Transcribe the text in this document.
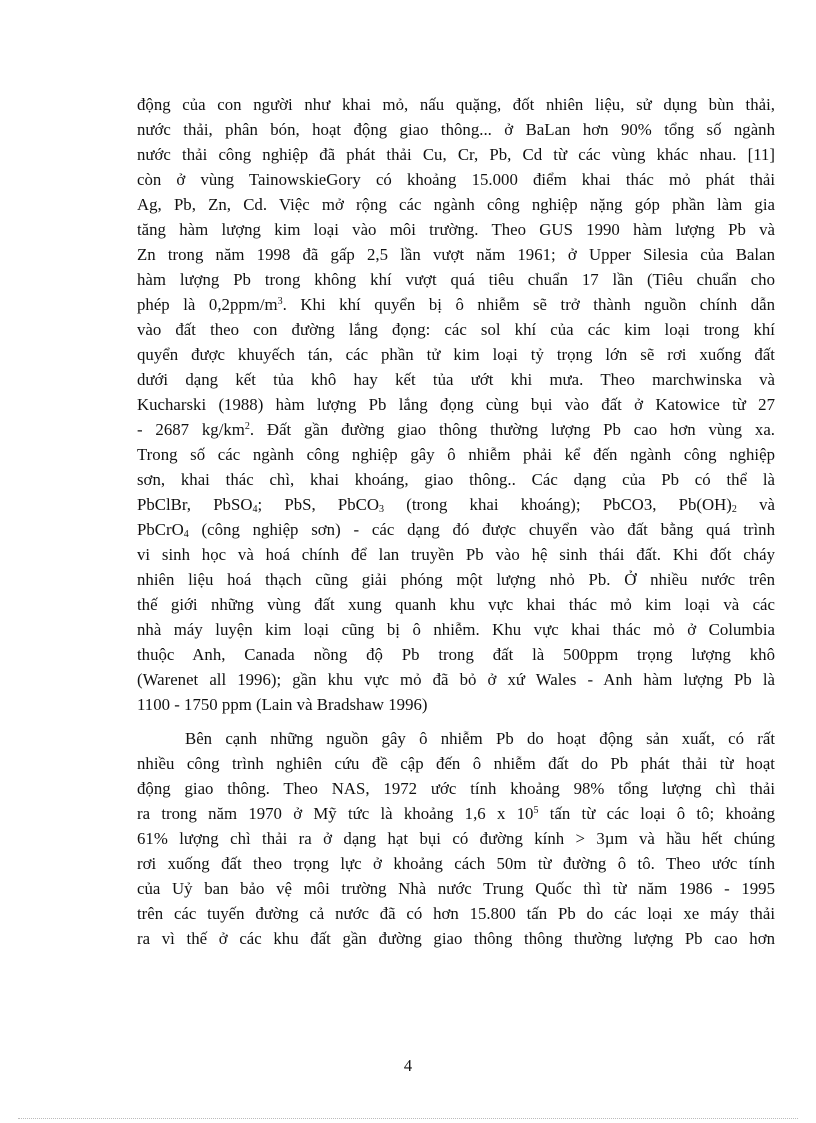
động của con người như khai mỏ, nấu quặng, đốt nhiên liệu, sử dụng bùn thải,
nước thải, phân bón, hoạt động giao thông... ở BaLan hơn 90% tổng số ngành
nước thải công nghiệp đã phát thải Cu, Cr, Pb, Cd từ các vùng khác nhau. [11]
còn ở vùng TainowskieGory có khoảng 15.000 điểm khai thác mỏ phát thải
Ag, Pb, Zn, Cd. Việc mở rộng các ngành công nghiệp nặng góp phần làm gia
tăng hàm lượng kim loại vào môi trường. Theo GUS 1990 hàm lượng Pb và
Zn trong năm 1998 đã gấp 2,5 lần vượt năm 1961; ở Upper Silesia của Balan
hàm lượng Pb trong không khí vượt quá tiêu chuẩn 17 lần (Tiêu chuẩn cho
phép là $0,2ppm/m^3$. Khi khí quyển bị ô nhiễm sẽ trở thành nguồn chính dẫn
vào đất theo con đường lắng đọng: các sol khí của các kim loại trong khí
quyển được khuyếch tán, các phần tử kim loại tỷ trọng lớn sẽ rơi xuống đất
dưới dạng kết tủa khô hay kết tủa ướt khi mưa. Theo marchwinska và
Kucharski (1988) hàm lượng Pb lắng đọng cùng bụi vào đất ở Katowice từ 27
- 2687 $kg/km^2$. Đất gần đường giao thông thường lượng Pb cao hơn vùng xa.
Trong số các ngành công nghiệp gây ô nhiễm phải kể đến ngành công nghiệp
sơn, khai thác chì, khai khoáng, giao thông.. Các dạng của Pb có thể là
PbClBr, PbSO$_4$; PbS, PbCO$_3$ (trong khai khoáng); PbCO3, $Pb(OH)_2$ và
PbCrO$_4$ (công nghiệp sơn) - các dạng đó được chuyển vào đất bằng quá trình
vi sinh học và hoá chính để lan truyền Pb vào hệ sinh thái đất. Khi đốt cháy
nhiên liệu hoá thạch cũng giải phóng một lượng nhỏ Pb. Ở nhiều nước trên
thế giới những vùng đất xung quanh khu vực khai thác mỏ kim loại và các
nhà máy luyện kim loại cũng bị ô nhiễm. Khu vực khai thác mỏ ở Columbia
thuộc Anh, Canada nồng độ Pb trong đất là 500ppm trọng lượng khô
(Warenet all 1996); gần khu vực mỏ đã bỏ ở xứ Wales - Anh hàm lượng Pb là
1100 - 1750 ppm (Lain và Bradshaw 1996)
Bên cạnh những nguồn gây ô nhiễm Pb do hoạt động sản xuất, có rất
nhiều công trình nghiên cứu đề cập đến ô nhiễm đất do Pb phát thải từ hoạt
động giao thông. Theo NAS, 1972 ước tính khoảng 98% tổng lượng chì thải
ra trong năm 1970 ở Mỹ tức là khoảng 1,6 x $10^5$ tấn từ các loại ô tô; khoảng
61% lượng chì thải ra ở dạng hạt bụi có đường kính > 3µm và hầu hết chúng
rơi xuống đất theo trọng lực ở khoảng cách 50m từ đường ô tô. Theo ước tính
của Uỷ ban bảo vệ môi trường Nhà nước Trung Quốc thì từ năm 1986 - 1995
trên các tuyến đường cả nước đã có hơn 15.800 tấn Pb do các loại xe máy thải
ra vì thế ở các khu đất gần đường giao thông thông thường lượng Pb cao hơn
4
